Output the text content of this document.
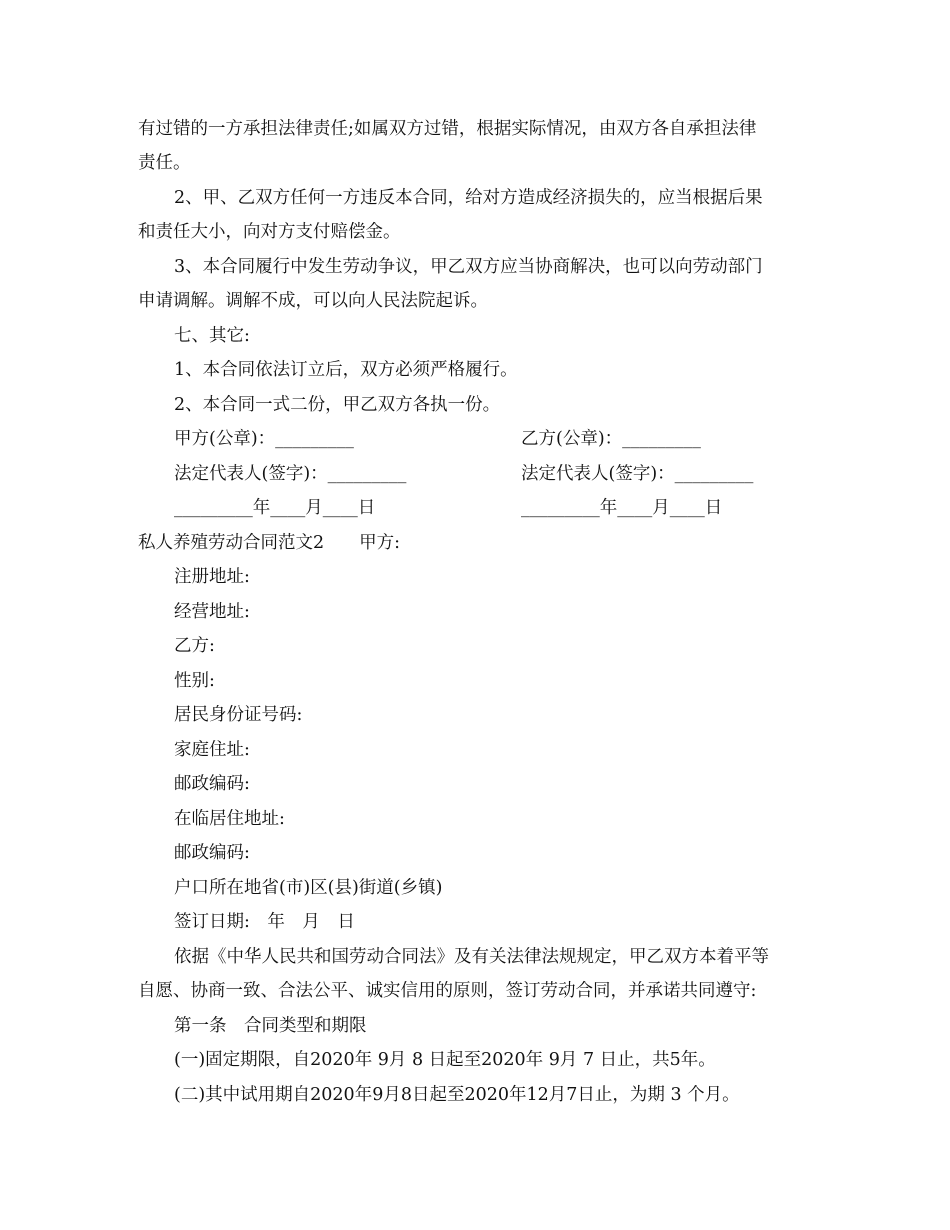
有过错的一方承担法律责任;如属双方过错，根据实际情况，由双方各自承担法律
责任。
2、甲、乙双方任何一方违反本合同，给对方造成经济损失的，应当根据后果
和责任大小，向对方支付赔偿金。
3、本合同履行中发生劳动争议，甲乙双方应当协商解决，也可以向劳动部门
申请调解。调解不成，可以向人民法院起诉。
七、其它:
1、本合同依法订立后，双方必须严格履行。
2、本合同一式二份，甲乙双方各执一份。
甲方(公章)：_________	乙方(公章)：_________
法定代表人(签字)：_________	法定代表人(签字)：_________
_________年____月____日	_________年____月____日
私人养殖劳动合同范文2　　甲方:
注册地址:
经营地址:
乙方:
性别:
居民身份证号码:
家庭住址:
邮政编码:
在临居住地址:
邮政编码:
户口所在地省(市)区(县)街道(乡镇)
签订日期:　年　月　日
依据《中华人民共和国劳动合同法》及有关法律法规规定，甲乙双方本着平等
自愿、协商一致、合法公平、诚实信用的原则，签订劳动合同，并承诺共同遵守:
第一条　合同类型和期限
(一)固定期限，自2020年 9月 8 日起至2020年 9月 7 日止，共5年。
(二)其中试用期自2020年9月8日起至2020年12月7日止，为期 3 个月。
